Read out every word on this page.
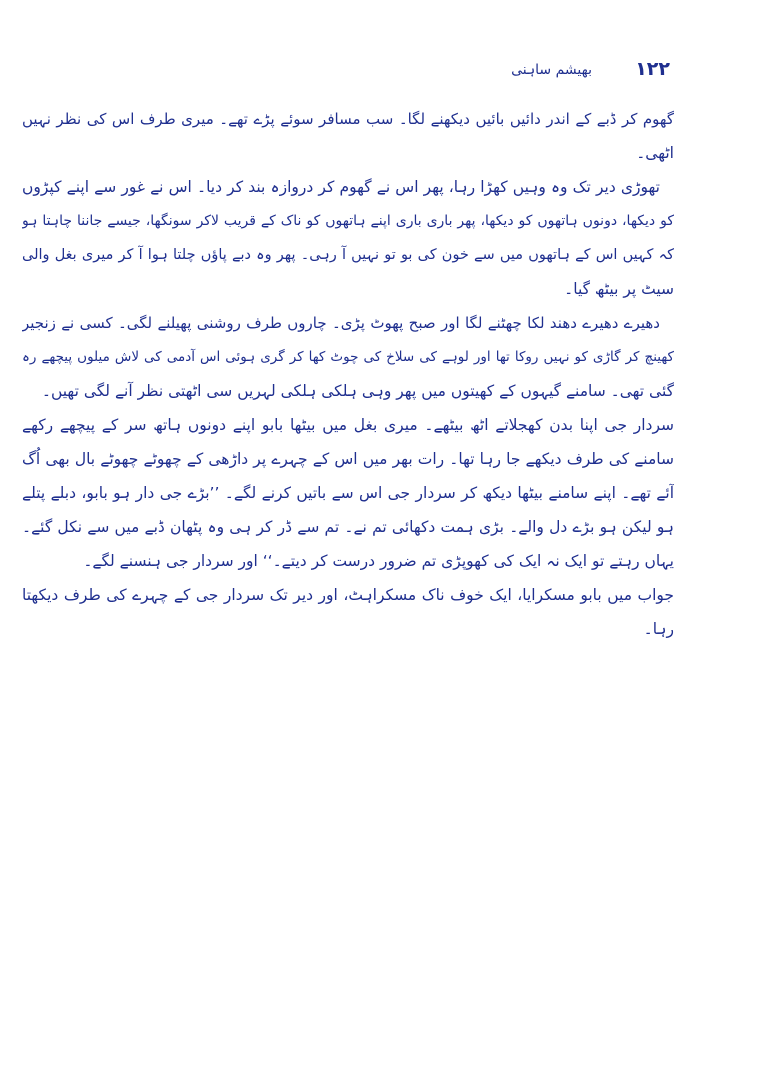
۱۲۲
بھیشم ساہنی
گھوم کر ڈبے کے اندر دائیں بائیں دیکھنے لگا۔ سب مسافر سوئے پڑے تھے۔ میری طرف اس کی نظر نہیں
اٹھی۔
تھوڑی دیر تک وہ وہیں کھڑا رہا، پھر اس نے گھوم کر دروازہ بند کر دیا۔ اس نے غور سے اپنے کپڑوں
کو دیکھا، دونوں ہاتھوں کو دیکھا، پھر باری باری اپنے ہاتھوں کو ناک کے قریب لاکر سونگھا، جیسے جاننا چاہتا ہو
کہ کہیں اس کے ہاتھوں میں سے خون کی بو تو نہیں آ رہی۔ پھر وہ دبے پاؤں چلتا ہوا آ کر میری بغل والی
سیٹ پر بیٹھ گیا۔
دھیرے دھیرے دھند لکا چھٹنے لگا اور صبح پھوٹ پڑی۔ چاروں طرف روشنی پھیلنے لگی۔ کسی نے زنجیر
کھینچ کر گاڑی کو نہیں روکا تھا اور لوہے کی سلاخ کی چوٹ کھا کر گری ہوئی اس آدمی کی لاش میلوں پیچھے رہ
گئی تھی۔ سامنے گیہوں کے کھیتوں میں پھر وہی ہلکی ہلکی لہریں سی اٹھتی نظر آنے لگی تھیں۔
سردار جی اپنا بدن کھجلاتے اٹھ بیٹھے۔ میری بغل میں بیٹھا بابو اپنے دونوں ہاتھ سر کے پیچھے رکھے
سامنے کی طرف دیکھے جا رہا تھا۔ رات بھر میں اس کے چہرے پر داڑھی کے چھوٹے چھوٹے بال بھی اُگ
آئے تھے۔ اپنے سامنے بیٹھا دیکھ کر سردار جی اس سے باتیں کرنے لگے۔ ’’بڑے جی دار ہو بابو، دبلے پتلے
ہو لیکن ہو بڑے دل والے۔ بڑی ہمت دکھائی تم نے۔ تم سے ڈر کر ہی وہ پٹھان ڈبے میں سے نکل گئے۔
یہاں رہتے تو ایک نہ ایک کی کھوپڑی تم ضرور درست کر دیتے۔‘‘ اور سردار جی ہنسنے لگے۔
جواب میں بابو مسکرایا، ایک خوف ناک مسکراہٹ، اور دیر تک سردار جی کے چہرے کی طرف دیکھتا
رہا۔
